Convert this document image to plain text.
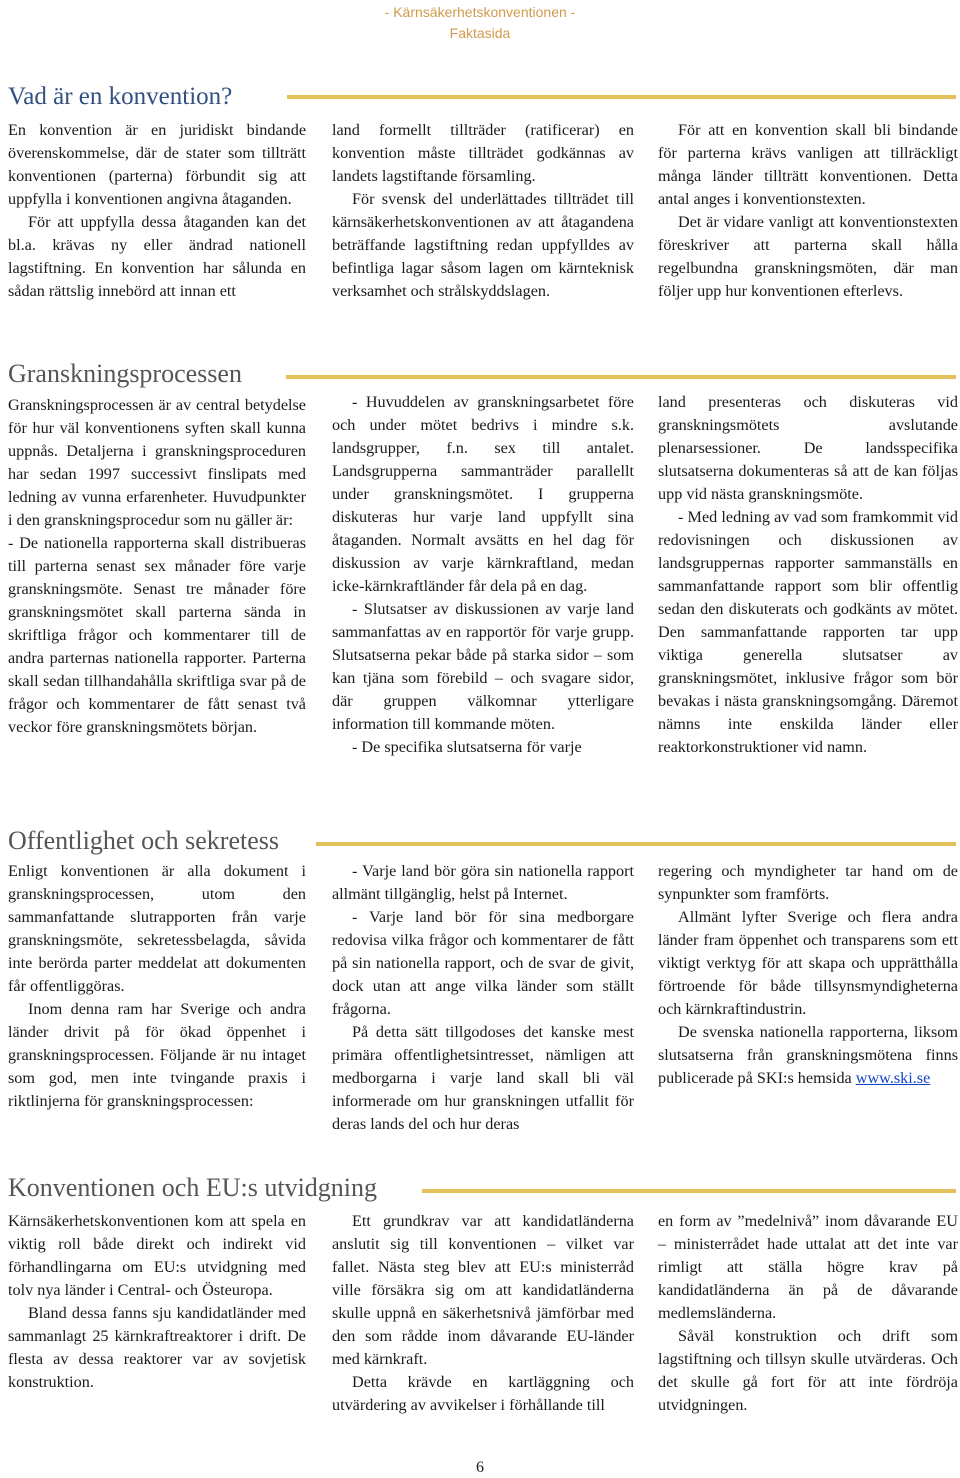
- Kärnsäkerhetskonventionen -
Faktasida
Vad är en konvention?

En konvention är en juridiskt bindande överenskommelse, där de stater som tillträtt konventionen (parterna) förbundit sig att uppfylla i konventionen angivna åtaganden.

För att uppfylla dessa åtaganden kan det bl.a. krävas ny eller ändrad nationell lagstiftning. En konvention har sålunda en sådan rättslig innebörd att innan ett

land formellt tillträder (ratificerar) en konvention måste tillträdet godkännas av landets lagstiftande församling.

För svensk del underlättades tillträdet till kärnsäkerhetskonventionen av att åtagandena beträffande lagstiftning redan uppfylldes av befintliga lagar såsom lagen om kärnteknisk verksamhet och strålskyddslagen.

För att en konvention skall bli bindande för parterna krävs vanligen att tillräckligt många länder tillträtt konventionen. Detta antal anges i konventionstexten.

Det är vidare vanligt att konventionstexten föreskriver att parterna skall hålla regelbundna granskningsmöten, där man följer upp hur konventionen efterlevs.

Granskningsprocessen

Granskningsprocessen är av central betydelse för hur väl konventionens syften skall kunna uppnås. Detaljerna i granskningsproceduren har sedan 1997 successivt finslipats med ledning av vunna erfarenheter. Huvudpunkter i den granskningsprocedur som nu gäller är:

- De nationella rapporterna skall distribueras till parterna senast sex månader före varje granskningsmöte. Senast tre månader före granskningsmötet skall parterna sända in skriftliga frågor och kommentarer till de andra parternas nationella rapporter. Parterna skall sedan tillhandahålla skriftliga svar på de frågor och kommentarer de fått senast två veckor före granskningsmötets början.

- Huvuddelen av granskningsarbetet före och under mötet bedrivs i mindre s.k. landsgrupper, f.n. sex till antalet. Landsgrupperna sammanträder parallellt under granskningsmötet. I grupperna diskuteras hur varje land uppfyllt sina åtaganden. Normalt avsätts en hel dag för diskussion av varje kärnkraftland, medan icke-kärnkraftländer får dela på en dag.

- Slutsatser av diskussionen av varje land sammanfattas av en rapportör för varje grupp. Slutsatserna pekar både på starka sidor – som kan tjäna som förebild – och svagare sidor, där gruppen välkomnar ytterligare information till kommande möten.

- De specifika slutsatserna för varje

land presenteras och diskuteras vid granskningsmötets avslutande plenarsessioner. De landsspecifika slutsatserna dokumenteras så att de kan följas upp vid nästa granskningsmöte.

- Med ledning av vad som framkommit vid redovisningen och diskussionen av landsgruppernas rapporter sammanställs en sammanfattande rapport som blir offentlig sedan den diskuterats och godkänts av mötet. Den sammanfattande rapporten tar upp viktiga generella slutsatser av granskningsmötet, inklusive frågor som bör bevakas i nästa granskningsomgång. Däremot nämns inte enskilda länder eller reaktorkonstruktioner vid namn.

Offentlighet och sekretess

Enligt konventionen är alla dokument i granskningsprocessen, utom den sammanfattande slutrapporten från varje granskningsmöte, sekretessbelagda, såvida inte berörda parter meddelat att dokumenten får offentliggöras.

Inom denna ram har Sverige och andra länder drivit på för ökad öppenhet i granskningsprocessen. Följande är nu intaget som god, men inte tvingande praxis i riktlinjerna för granskningsprocessen:

- Varje land bör göra sin nationella rapport allmänt tillgänglig, helst på Internet.

- Varje land bör för sina medborgare redovisa vilka frågor och kommentarer de fått på sin nationella rapport, och de svar de givit, dock utan att ange vilka länder som ställt frågorna.

På detta sätt tillgodoses det kanske mest primära offentlighetsintresset, nämligen att medborgarna i varje land skall bli väl informerade om hur granskningen utfallit för deras lands del och hur deras

regering och myndigheter tar hand om de synpunkter som framförts.

Allmänt lyfter Sverige och flera andra länder fram öppenhet och transparens som ett viktigt verktyg för att skapa och upprätthålla förtroende för både tillsynsmyndigheterna och kärnkraftindustrin.

De svenska nationella rapporterna, liksom slutsatserna från granskningsmötena finns publicerade på SKI:s hemsida www.ski.se

Konventionen och EU:s utvidgning

Kärnsäkerhetskonventionen kom att spela en viktig roll både direkt och indirekt vid förhandlingarna om EU:s utvidgning med tolv nya länder i Central- och Östeuropa.

Bland dessa fanns sju kandidatländer med sammanlagt 25 kärnkraftreaktorer i drift. De flesta av dessa reaktorer var av sovjetisk konstruktion.

Ett grundkrav var att kandidatländerna anslutit sig till konventionen – vilket var fallet. Nästa steg blev att EU:s ministerråd ville försäkra sig om att kandidatländerna skulle uppnå en säkerhetsnivå jämförbar med den som rådde inom dåvarande EU-länder med kärnkraft.

Detta krävde en kartläggning och utvärdering av avvikelser i förhållande till

en form av ”medelnivå” inom dåvarande EU – ministerrådet hade uttalat att det inte var rimligt att ställa högre krav på kandidatländerna än på de dåvarande medlemsländerna.

Såväl konstruktion och drift som lagstiftning och tillsyn skulle utvärderas. Och det skulle gå fort för att inte fördröja utvidgningen.

6
